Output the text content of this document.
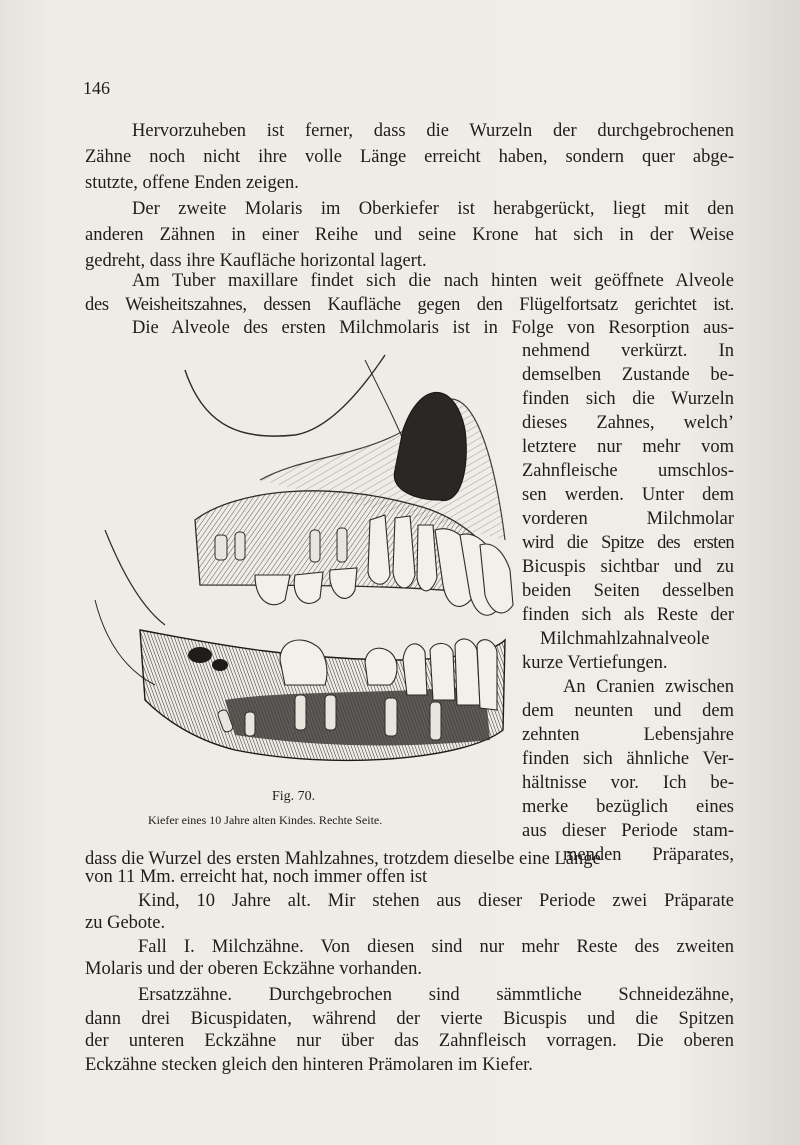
146
Hervorzuheben ist ferner, dass die Wurzeln der durchgebrochenen
Zähne noch nicht ihre volle Länge erreicht haben, sondern quer abge-
stutzte, offene Enden zeigen.
Der zweite Molaris im Oberkiefer ist herabgerückt, liegt mit den
anderen Zähnen in einer Reihe und seine Krone hat sich in der Weise
gedreht, dass ihre Kaufläche horizontal lagert.
Am Tuber maxillare findet sich die nach hinten weit geöffnete Alveole
des Weisheitszahnes, dessen Kaufläche gegen den Flügelfortsatz gerichtet ist.
Die Alveole des ersten Milchmolaris ist in Folge von Resorption aus-
nehmend verkürzt. In
demselben Zustande be-
finden sich die Wurzeln
dieses Zahnes, welch’
letztere nur mehr vom
Zahnfleische umschlos-
sen werden. Unter dem
vorderen Milchmolar
wird die Spitze des ersten
Bicuspis sichtbar und zu
beiden Seiten desselben
finden sich als Reste der
Milchmahlzahnalveole
kurze Vertiefungen.
An Cranien zwischen
dem neunten und dem
zehnten Lebensjahre
finden sich ähnliche Ver-
hältnisse vor. Ich be-
merke bezüglich eines
aus dieser Periode stam-
menden Präparates,
Fig. 70.
Kiefer eines 10 Jahre alten Kindes. Rechte Seite.
dass die Wurzel des ersten Mahlzahnes, trotzdem dieselbe eine Länge
von 11 Mm. erreicht hat, noch immer offen ist
Kind, 10 Jahre alt. Mir stehen aus dieser Periode zwei Präparate
zu Gebote.
Fall I. Milchzähne. Von diesen sind nur mehr Reste des zweiten
Molaris und der oberen Eckzähne vorhanden.
Ersatzzähne. Durchgebrochen sind sämmtliche Schneidezähne,
dann drei Bicuspidaten, während der vierte Bicuspis und die Spitzen
der unteren Eckzähne nur über das Zahnfleisch vorragen. Die oberen
Eckzähne stecken gleich den hinteren Prämolaren im Kiefer.
